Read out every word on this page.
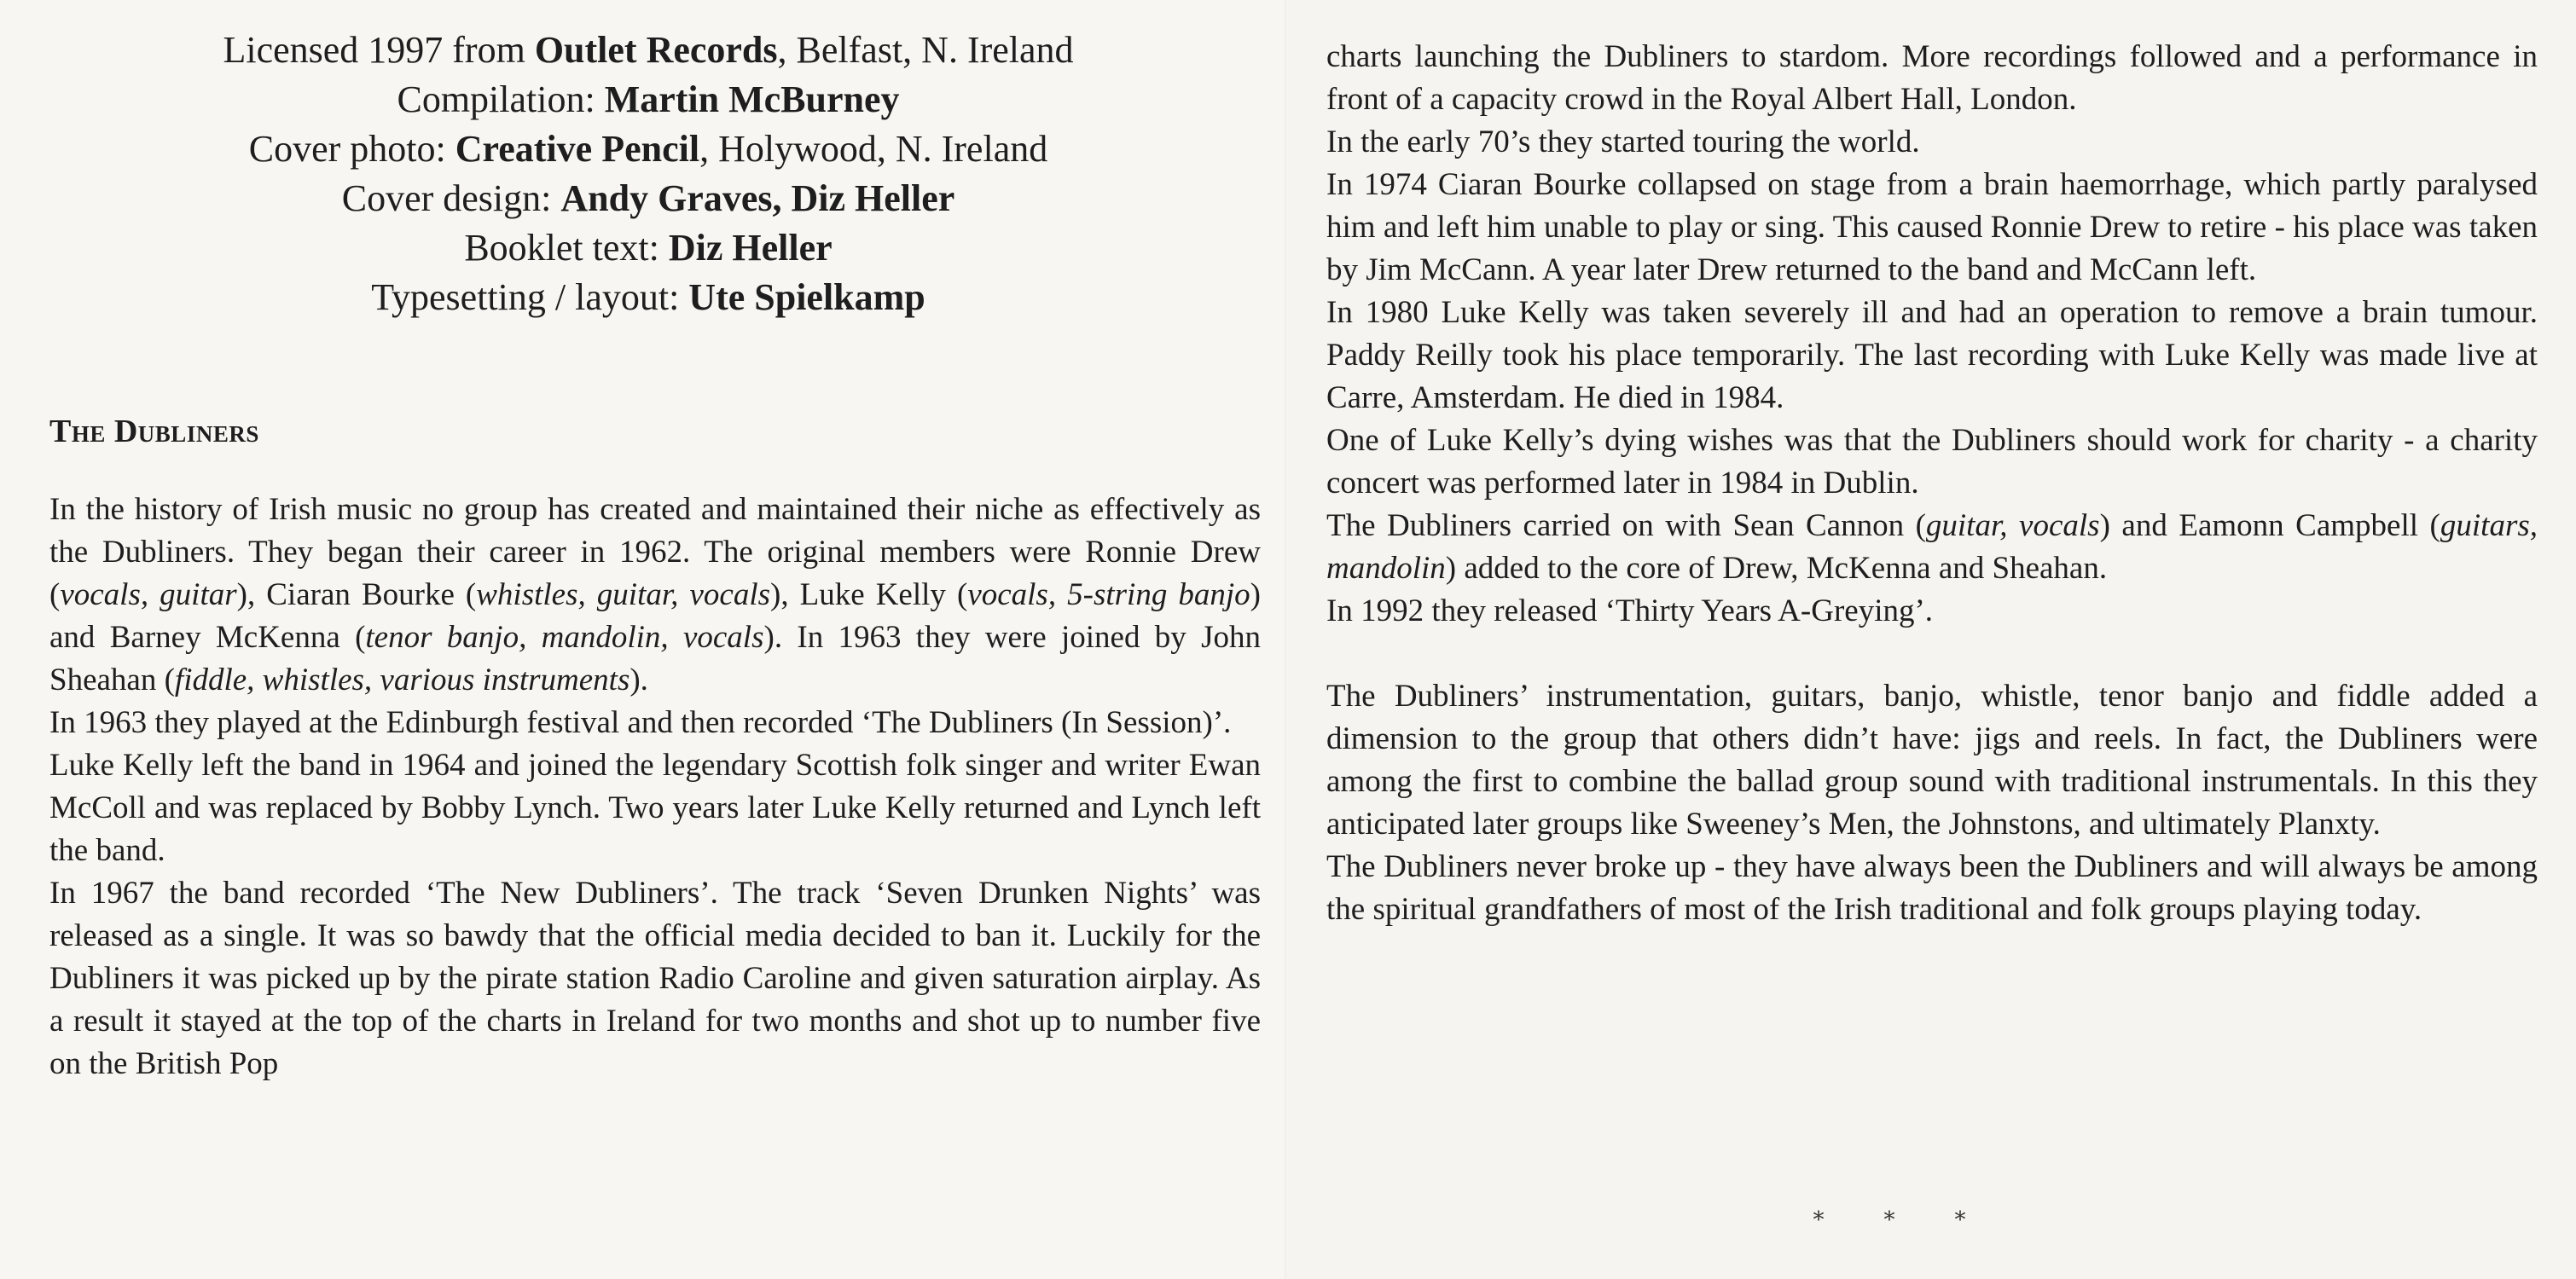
Licensed 1997 from Outlet Records, Belfast, N. Ireland
Compilation: Martin McBurney
Cover photo: Creative Pencil, Holywood, N. Ireland
Cover design: Andy Graves, Diz Heller
Booklet text: Diz Heller
Typesetting / layout: Ute Spielkamp
The Dubliners

In the history of Irish music no group has created and maintained their niche as effectively as the Dubliners. They began their career in 1962. The original members were Ronnie Drew (vocals, guitar), Ciaran Bourke (whistles, guitar, vocals), Luke Kelly (vocals, 5-string banjo) and Barney McKenna (tenor banjo, mandolin, vocals). In 1963 they were joined by John Sheahan (fiddle, whistles, various instruments).

In 1963 they played at the Edinburgh festival and then recorded ‘The Dubliners (In Session)’.

Luke Kelly left the band in 1964 and joined the legendary Scottish folk singer and writer Ewan McColl and was replaced by Bobby Lynch. Two years later Luke Kelly returned and Lynch left the band.

In 1967 the band recorded ‘The New Dubliners’. The track ‘Seven Drunken Nights’ was released as a single. It was so bawdy that the official media decided to ban it. Luckily for the Dubliners it was picked up by the pirate station Radio Caroline and given saturation airplay. As a result it stayed at the top of the charts in Ireland for two months and shot up to number five on the British Pop

charts launching the Dubliners to stardom. More recordings followed and a performance in front of a capacity crowd in the Royal Albert Hall, London.

In the early 70’s they started touring the world.

In 1974 Ciaran Bourke collapsed on stage from a brain haemorrhage, which partly paralysed him and left him unable to play or sing. This caused Ronnie Drew to retire - his place was taken by Jim McCann. A year later Drew returned to the band and McCann left.

In 1980 Luke Kelly was taken severely ill and had an operation to remove a brain tumour. Paddy Reilly took his place temporarily. The last recording with Luke Kelly was made live at Carre, Amsterdam. He died in 1984.

One of Luke Kelly’s dying wishes was that the Dubliners should work for charity - a charity concert was performed later in 1984 in Dublin.

The Dubliners carried on with Sean Cannon (guitar, vocals) and Eamonn Campbell (guitars, mandolin) added to the core of Drew, McKenna and Sheahan.

In 1992 they released ‘Thirty Years A-Greying’.

The Dubliners’ instrumentation, guitars, banjo, whistle, tenor banjo and fiddle added a dimension to the group that others didn’t have: jigs and reels. In fact, the Dubliners were among the first to combine the ballad group sound with traditional instrumentals. In this they anticipated later groups like Sweeney’s Men, the Johnstons, and ultimately Planxty.

The Dubliners never broke up - they have always been the Dubliners and will always be among the spiritual grandfathers of most of the Irish traditional and folk groups playing today.

⁎⁎⁎
